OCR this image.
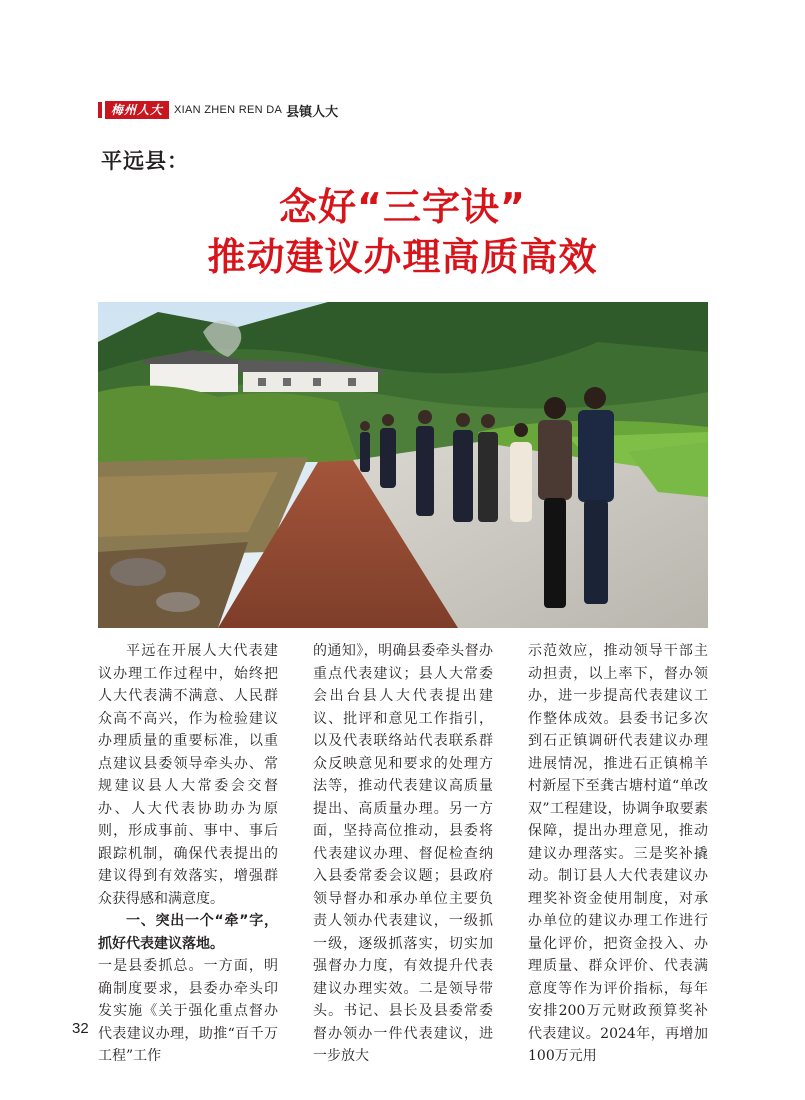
梅州人大	XIAN ZHEN REN DA 县镇人大
平远县：
念好“三字诀”
推动建议办理高质高效

平远在开展人大代表建议办理工作过程中，始终把人大代表满不满意、人民群众高不高兴，作为检验建议办理质量的重要标准，以重点建议县委领导牵头办、常规建议县人大常委会交督办、人大代表协助办为原则，形成事前、事中、事后跟踪机制，确保代表提出的建议得到有效落实，增强群众获得感和满意度。

一、突出一个“牵”字，抓好代表建议落地。

一是县委抓总。一方面，明确制度要求，县委办牵头印发实施《关于强化重点督办代表建议办理，助推“百千万工程”工作

的通知》，明确县委牵头督办重点代表建议；县人大常委会出台县人大代表提出建议、批评和意见工作指引，以及代表联络站代表联系群众反映意见和要求的处理方法等，推动代表建议高质量提出、高质量办理。另一方面，坚持高位推动，县委将代表建议办理、督促检查纳入县委常委会议题；县政府领导督办和承办单位主要负责人领办代表建议，一级抓一级，逐级抓落实，切实加强督办力度，有效提升代表建议办理实效。二是领导带头。书记、县长及县委常委督办领办一件代表建议，进一步放大

示范效应，推动领导干部主动担责，以上率下，督办领办，进一步提高代表建议工作整体成效。县委书记多次到石正镇调研代表建议办理进展情况，推进石正镇棉羊村新屋下至龚古塘村道“单改双”工程建设，协调争取要素保障，提出办理意见，推动建议办理落实。三是奖补撬动。制订县人大代表建议办理奖补资金使用制度，对承办单位的建议办理工作进行量化评价，把资金投入、办理质量、群众评价、代表满意度等作为评价指标，每年安排200万元财政预算奖补代表建议。2024年，再增加100万元用

32
